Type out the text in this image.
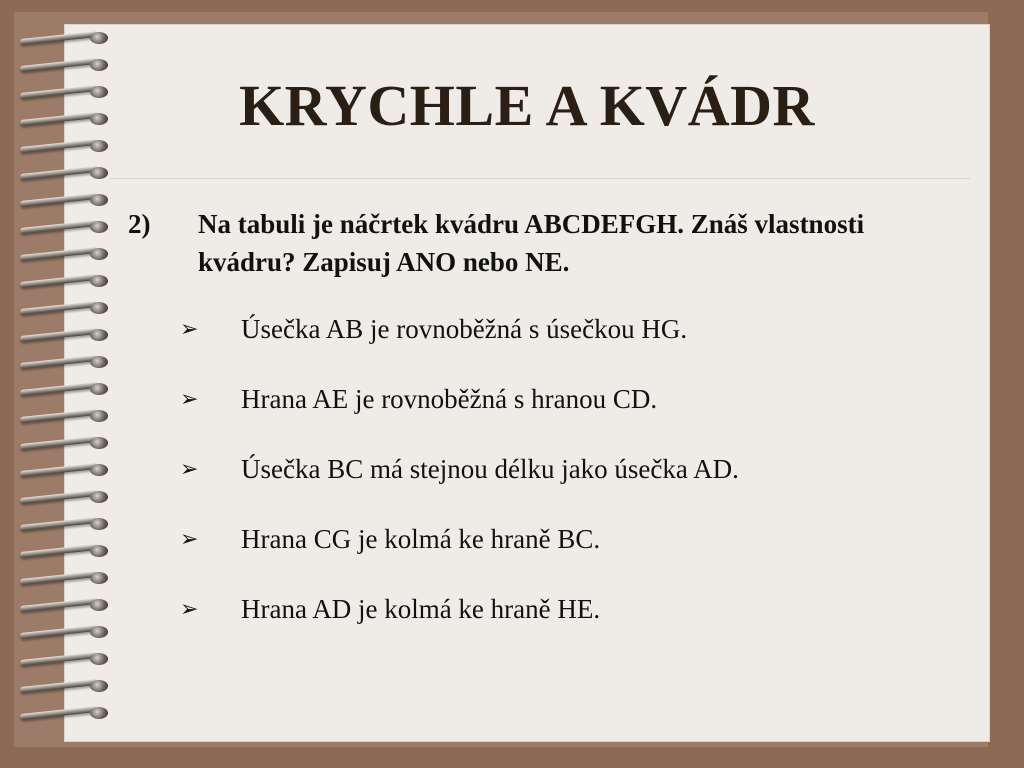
KRYCHLE A KVÁDR
2) Na tabuli je náčrtek kvádru ABCDEFGH. Znáš vlastnosti kvádru? Zapisuj ANO nebo NE.
➢ Úsečka AB je rovnoběžná s úsečkou HG.
➢ Hrana AE je rovnoběžná s hranou CD.
➢ Úsečka BC má stejnou délku jako úsečka AD.
➢ Hrana CG je kolmá ke hraně BC.
➢ Hrana AD je kolmá ke hraně HE.
